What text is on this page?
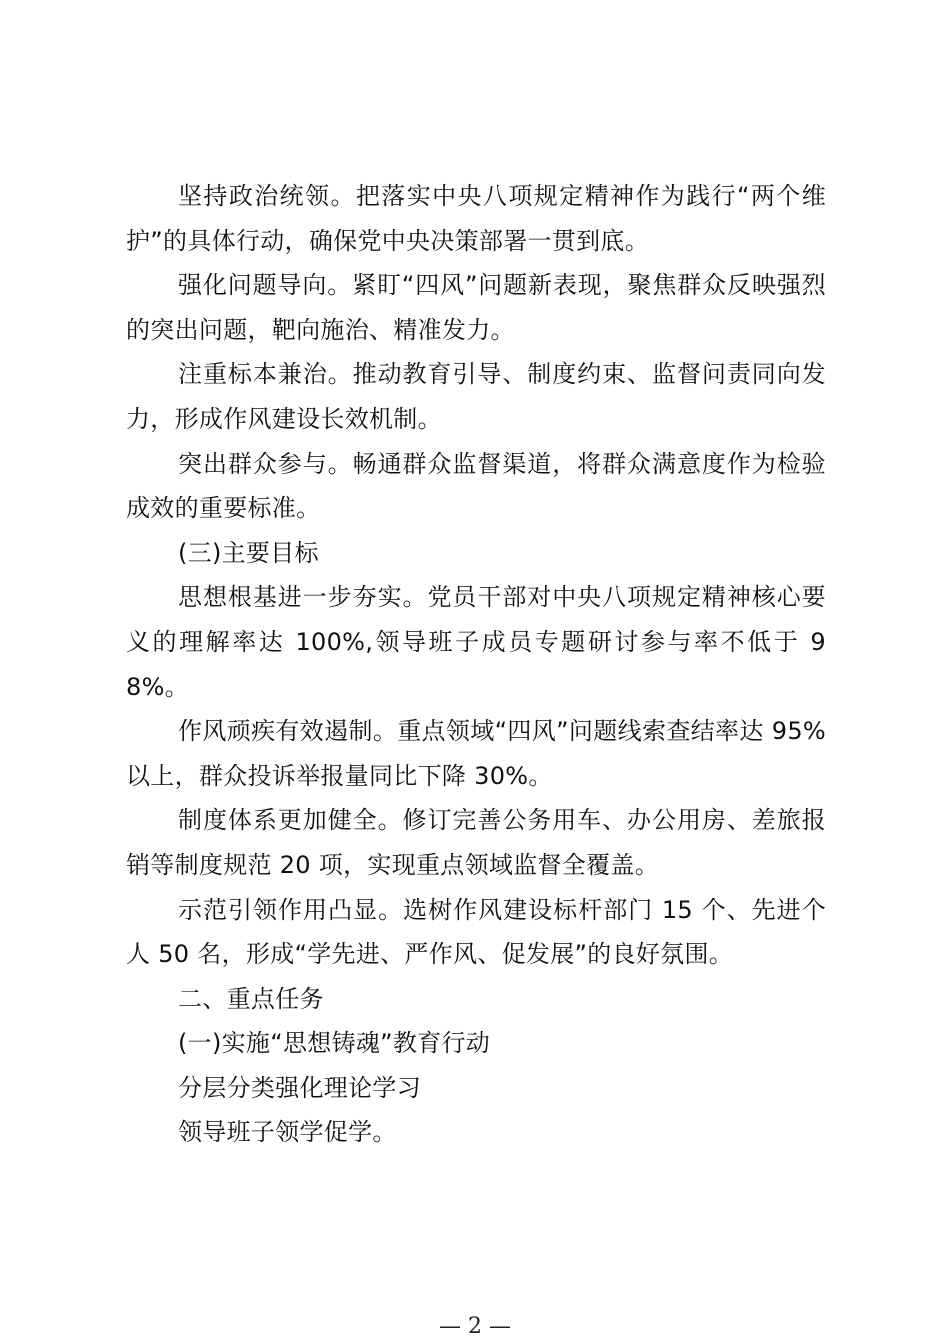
坚持政治统领。把落实中央八项规定精神作为践行“两个维护”的具体行动，确保党中央决策部署一贯到底。

强化问题导向。紧盯“四风”问题新表现，聚焦群众反映强烈的突出问题，靶向施治、精准发力。

注重标本兼治。推动教育引导、制度约束、监督问责同向发力，形成作风建设长效机制。

突出群众参与。畅通群众监督渠道，将群众满意度作为检验成效的重要标准。

(三)主要目标

思想根基进一步夯实。党员干部对中央八项规定精神核心要义的理解率达 100%,领导班子成员专题研讨参与率不低于 98%。

作风顽疾有效遏制。重点领域“四风”问题线索查结率达 95%以上，群众投诉举报量同比下降 30%。

制度体系更加健全。修订完善公务用车、办公用房、差旅报销等制度规范 20 项，实现重点领域监督全覆盖。

示范引领作用凸显。选树作风建设标杆部门 15 个、先进个人 50 名，形成“学先进、严作风、促发展”的良好氛围。

二、重点任务

(一)实施“思想铸魂”教育行动

分层分类强化理论学习

领导班子领学促学。

— 2 —
